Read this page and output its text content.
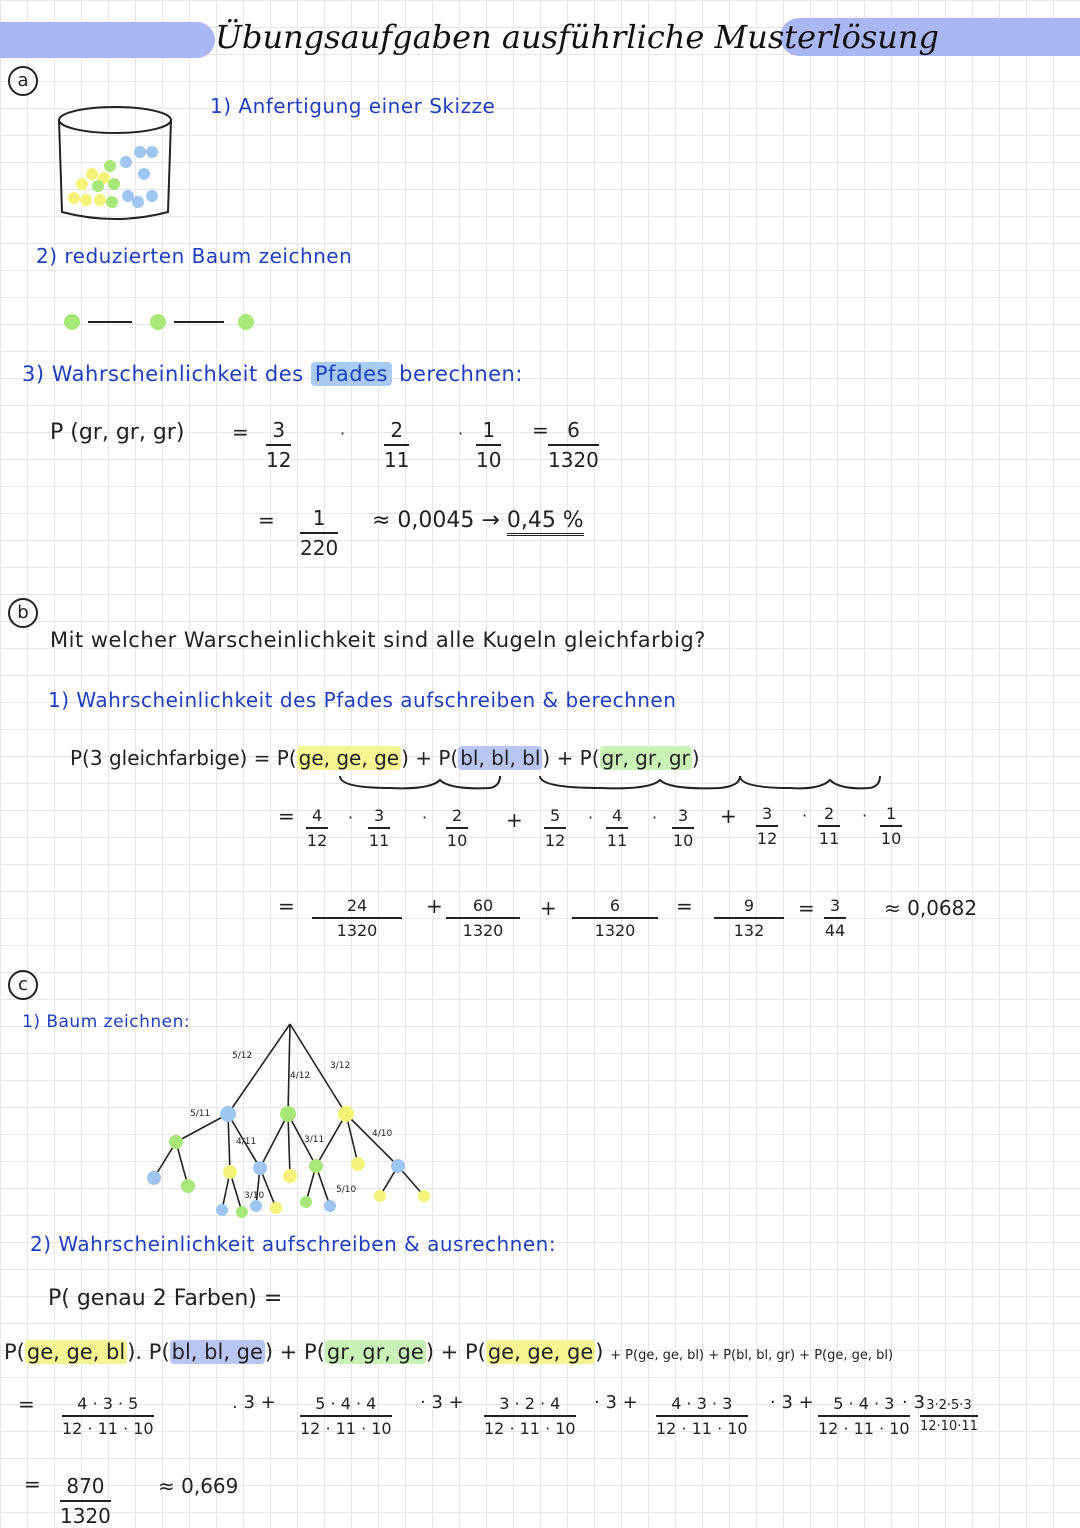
Übungsaufgaben ausführliche Musterlösung
a
1) Anfertigung einer Skizze
2) reduzierten Baum zeichnen
3) Wahrscheinlichkeit des Pfades berechnen:
P (gr, gr, $gr) = \frac{3}{12}$	· $\frac{2}{11}$	· $\frac{1}{10} = \frac{6}{1320}$
= $\frac{1}{220} \approx 0,0045 \to 0,45$ %
b
Mit welcher Warscheinlichkeit sind alle Kugeln gleichfarbig?
1) Wahrscheinlichkeit des Pfades aufschreiben & berechnen
P(3 gleichfarbige) = P( ge, ge, ge ) + P( bl, bl, bl ) + P( gr, gr, gr )
= $\frac{4}{12} \cdot \frac{3}{11} \cdot \frac{2}{10} + \frac{5}{12} \cdot \frac{4}{11} \cdot \frac{3}{10} + \frac{3}{12} \cdot \frac{2}{11} \cdot \frac{1}{10}$
= $\frac{24}{1320} + \frac{60}{1320} + \frac{6}{1320} = \frac{9}{132} = \frac{3}{44} \approx 0,0682$
c
1) Baum zeichnen:
5/12
4/12
3/12
5/11
4/11	3/11
4/10
3/10
5/10
2) Wahrscheinlichkeit aufschreiben & ausrechnen:
P( genau 2 Farben) =
P(ge, ge, bl). P(bl, bl, ge) + P(gr, gr, ge) + P(ge, ge, ge) + P(ge, ge, bl) + P(bl, bl, gr) + P(ge, ge, bl)
= $\frac{4 \cdot 3 \cdot 5}{12 \cdot 11 \cdot 10}$	. $3 + \frac{5 \cdot 4 \cdot 4}{12 \cdot 11 \cdot 10} \cdot 3 + \frac{3 \cdot 2 \cdot 4}{12 \cdot 11 \cdot 10} \cdot 3 + \frac{4 \cdot 3 \cdot 3}{12 \cdot 11 \cdot 10} \cdot 3 + \frac{5 \cdot 4 \cdot 3}{12 \cdot 11 \cdot 10}$
· 3
$\frac{3\cdot 2\cdot 5\cdot 3}{12\cdot 10\cdot 11}$
= $\frac{870}{1320} \approx 0,669$
